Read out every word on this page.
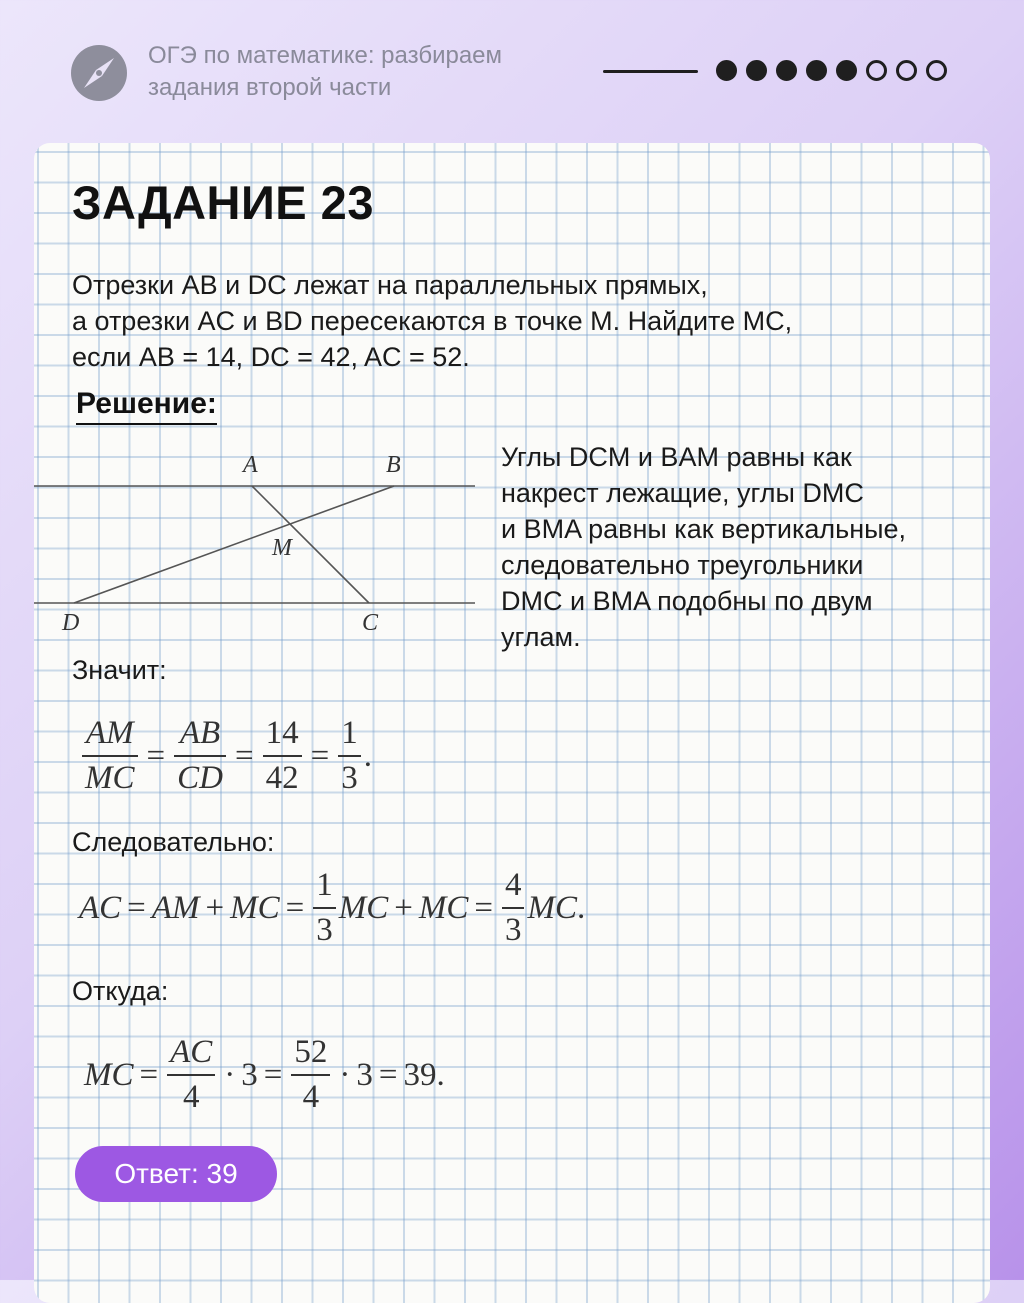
ОГЭ по математике: разбираем
задания второй части
ЗАДАНИЕ 23
Отрезки AB и DC лежат на параллельных прямых,
а отрезки AC и BD пересекаются в точке M. Найдите MC,
если AB = 14, DC = 42, AC = 52.
Решение:
A	B
M
D	C
Углы DCM и BAM равны как
накрест лежащие, углы DMC
и BMA равны как вертикальные,
следовательно треугольники
DMC и BMA подобны по двум
углам.
Значит:
$\frac{AM}{MC} = \frac{AB}{CD} = \frac{14}{42} = \frac{1}{3}$ .
Следовательно:
AC = AM + MC = $\frac{1}{3}$ MC + MC = $\frac{4}{3}$ MC .
Откуда:
MC = $\frac{AC}{4} \cdot 3 = \frac{52}{4} \cdot 3 = 39$ .
Ответ: 39
